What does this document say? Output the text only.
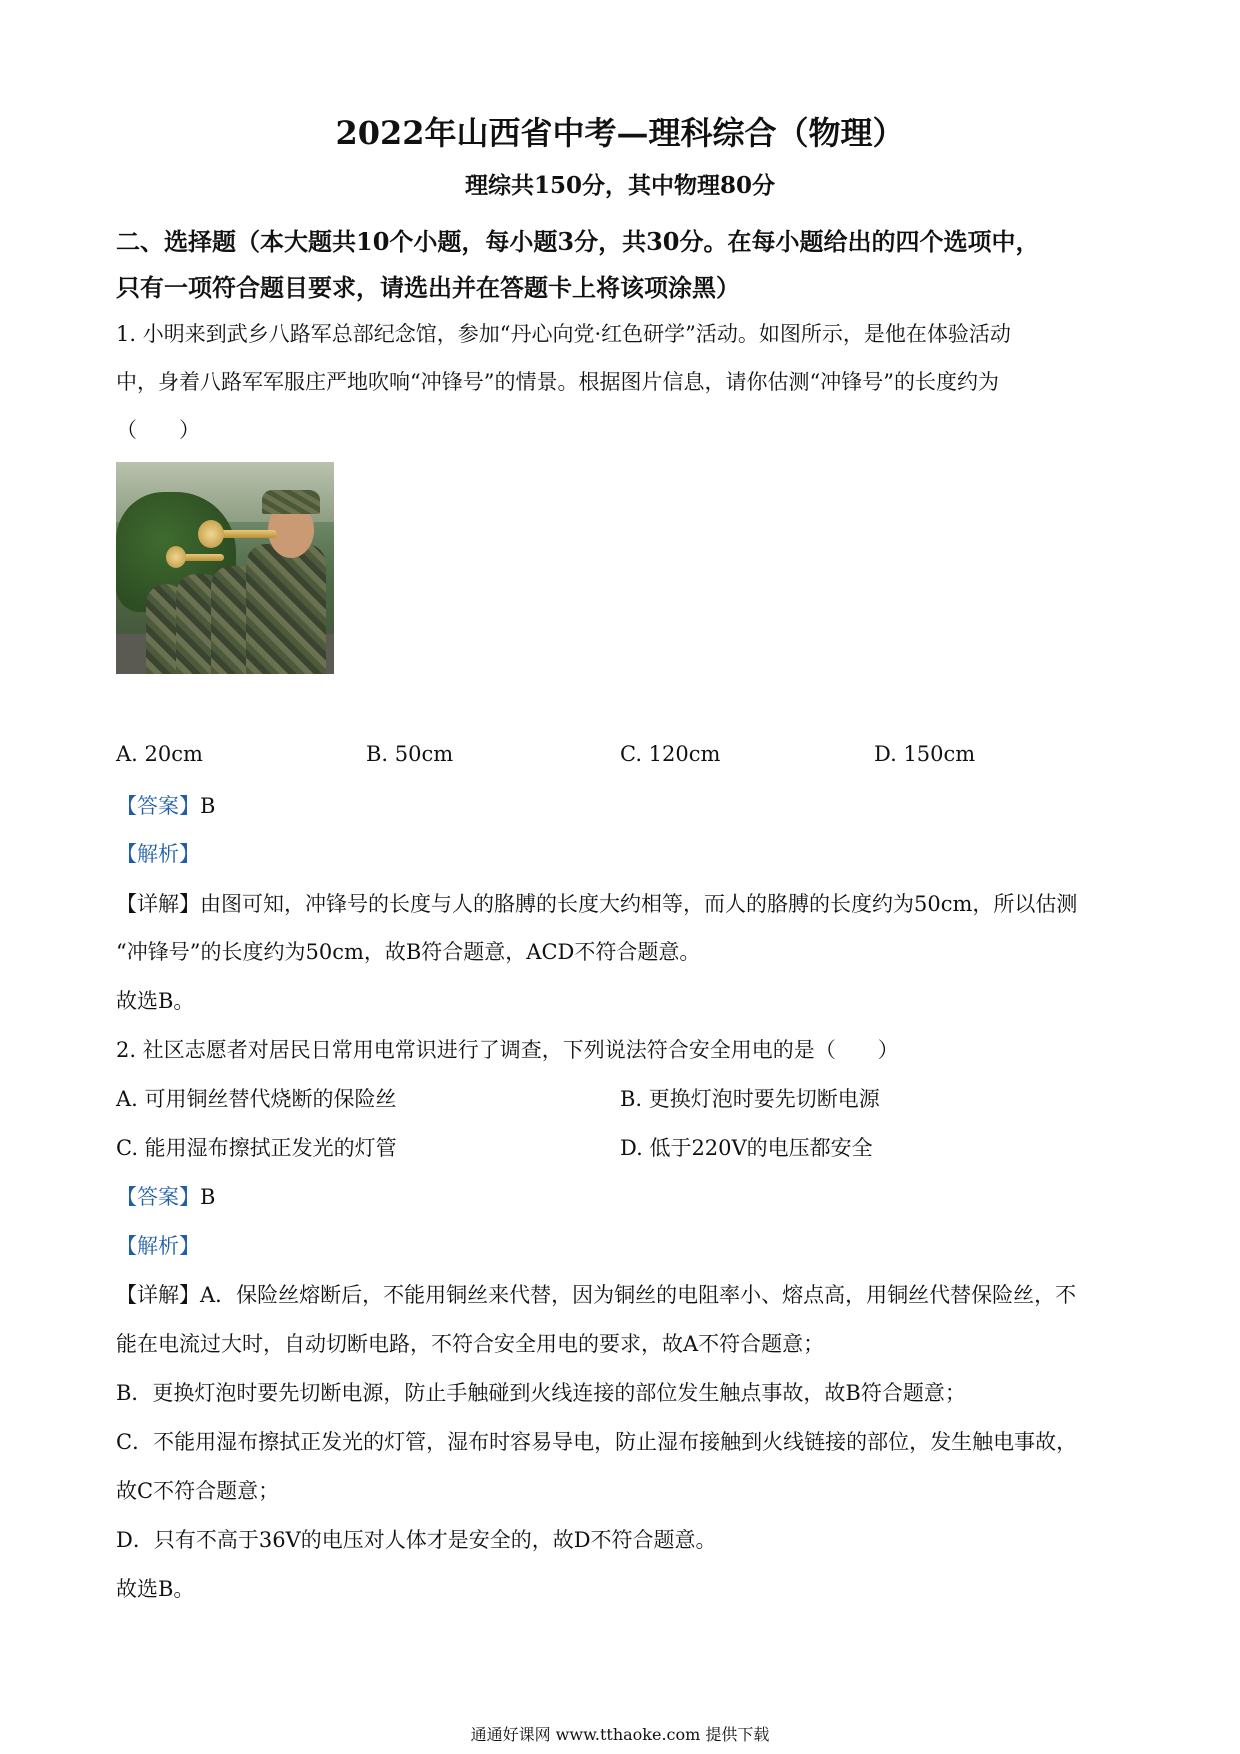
2022年山西省中考—理科综合（物理）
理综共150分，其中物理80分
二、选择题（本大题共10个小题，每小题3分，共30分。在每小题给出的四个选项中，
只有一项符合题目要求，请选出并在答题卡上将该项涂黑）
1. 小明来到武乡八路军总部纪念馆，参加“丹心向党·红色研学”活动。如图所示，是他在体验活动
中，身着八路军军服庄严地吹响“冲锋号”的情景。根据图片信息，请你估测“冲锋号”的长度约为
（　　）
A. 20cm	B. 50cm	C. 120cm	D. 150cm
【答案】B
【解析】
【详解】由图可知，冲锋号的长度与人的胳膊的长度大约相等，而人的胳膊的长度约为50cm，所以估测
“冲锋号”的长度约为50cm，故B符合题意，ACD不符合题意。
故选B。
2. 社区志愿者对居民日常用电常识进行了调查，下列说法符合安全用电的是（　　）
A. 可用铜丝替代烧断的保险丝	B. 更换灯泡时要先切断电源
C. 能用湿布擦拭正发光的灯管	D. 低于220V的电压都安全
【答案】B
【解析】
【详解】A．保险丝熔断后，不能用铜丝来代替，因为铜丝的电阻率小、熔点高，用铜丝代替保险丝，不
能在电流过大时，自动切断电路，不符合安全用电的要求，故A不符合题意；
B．更换灯泡时要先切断电源，防止手触碰到火线连接的部位发生触点事故，故B符合题意；
C．不能用湿布擦拭正发光的灯管，湿布时容易导电，防止湿布接触到火线链接的部位，发生触电事故，
故C不符合题意；
D．只有不高于36V的电压对人体才是安全的，故D不符合题意。
故选B。
通通好课网 www.tthaoke.com 提供下载
